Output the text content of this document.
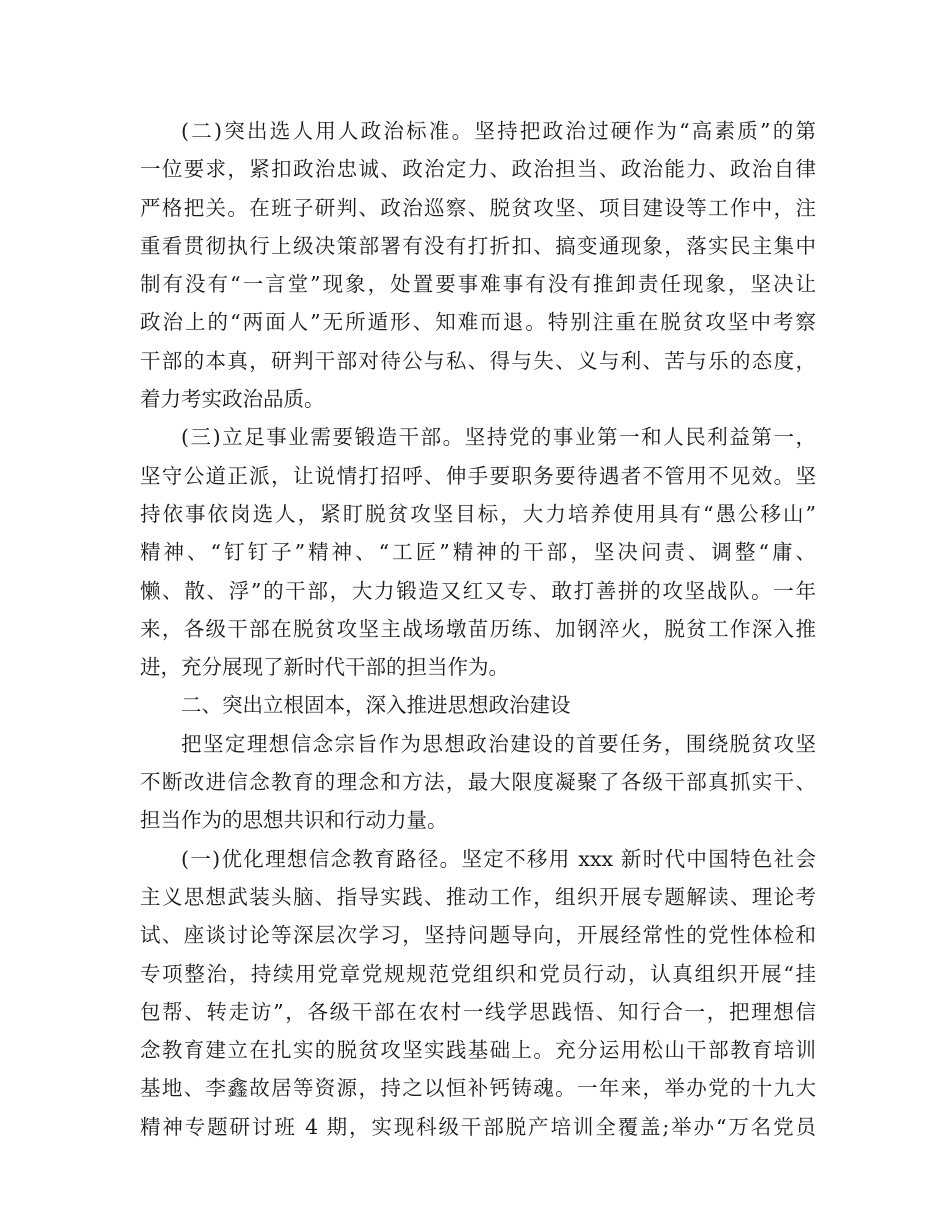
(二)突出选人用人政治标准。坚持把政治过硬作为“高素质”的第
一位要求，紧扣政治忠诚、政治定力、政治担当、政治能力、政治自律
严格把关。在班子研判、政治巡察、脱贫攻坚、项目建设等工作中，注
重看贯彻执行上级决策部署有没有打折扣、搞变通现象，落实民主集中
制有没有“一言堂”现象，处置要事难事有没有推卸责任现象，坚决让
政治上的“两面人”无所遁形、知难而退。特别注重在脱贫攻坚中考察
干部的本真，研判干部对待公与私、得与失、义与利、苦与乐的态度，
着力考实政治品质。
(三)立足事业需要锻造干部。坚持党的事业第一和人民利益第一，
坚守公道正派，让说情打招呼、伸手要职务要待遇者不管用不见效。坚
持依事依岗选人，紧盯脱贫攻坚目标，大力培养使用具有“愚公移山”
精神、“钉钉子”精神、“工匠”精神的干部，坚决问责、调整“庸、
懒、散、浮”的干部，大力锻造又红又专、敢打善拼的攻坚战队。一年
来，各级干部在脱贫攻坚主战场墩苗历练、加钢淬火，脱贫工作深入推
进，充分展现了新时代干部的担当作为。
二、突出立根固本，深入推进思想政治建设
把坚定理想信念宗旨作为思想政治建设的首要任务，围绕脱贫攻坚
不断改进信念教育的理念和方法，最大限度凝聚了各级干部真抓实干、
担当作为的思想共识和行动力量。
(一)优化理想信念教育路径。坚定不移用 xxx 新时代中国特色社会
主义思想武装头脑、指导实践、推动工作，组织开展专题解读、理论考
试、座谈讨论等深层次学习，坚持问题导向，开展经常性的党性体检和
专项整治，持续用党章党规规范党组织和党员行动，认真组织开展“挂
包帮、转走访”，各级干部在农村一线学思践悟、知行合一，把理想信
念教育建立在扎实的脱贫攻坚实践基础上。充分运用松山干部教育培训
基地、李鑫故居等资源，持之以恒补钙铸魂。一年来，举办党的十九大
精神专题研讨班 4 期，实现科级干部脱产培训全覆盖;举办“万名党员
